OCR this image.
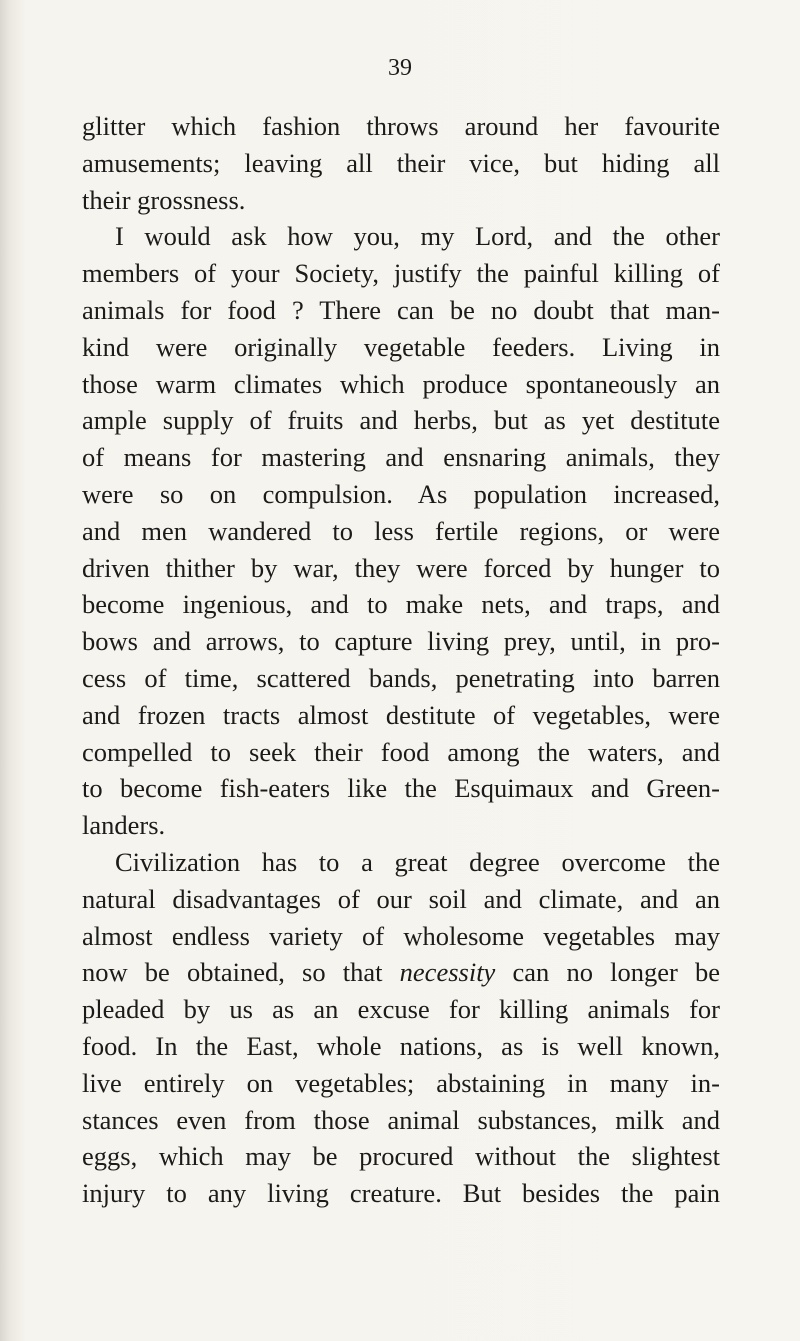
39
glitter which fashion throws around her favourite
amusements; leaving all their vice, but hiding all
their grossness.
I would ask how you, my Lord, and the other
members of your Society, justify the painful killing of
animals for food ? There can be no doubt that man-
kind were originally vegetable feeders. Living in
those warm climates which produce spontaneously an
ample supply of fruits and herbs, but as yet destitute
of means for mastering and ensnaring animals, they
were so on compulsion. As population increased,
and men wandered to less fertile regions, or were
driven thither by war, they were forced by hunger to
become ingenious, and to make nets, and traps, and
bows and arrows, to capture living prey, until, in pro-
cess of time, scattered bands, penetrating into barren
and frozen tracts almost destitute of vegetables, were
compelled to seek their food among the waters, and
to become fish-eaters like the Esquimaux and Green-
landers.
Civilization has to a great degree overcome the
natural disadvantages of our soil and climate, and an
almost endless variety of wholesome vegetables may
now be obtained, so that necessity can no longer be
pleaded by us as an excuse for killing animals for
food. In the East, whole nations, as is well known,
live entirely on vegetables; abstaining in many in-
stances even from those animal substances, milk and
eggs, which may be procured without the slightest
injury to any living creature. But besides the pain
